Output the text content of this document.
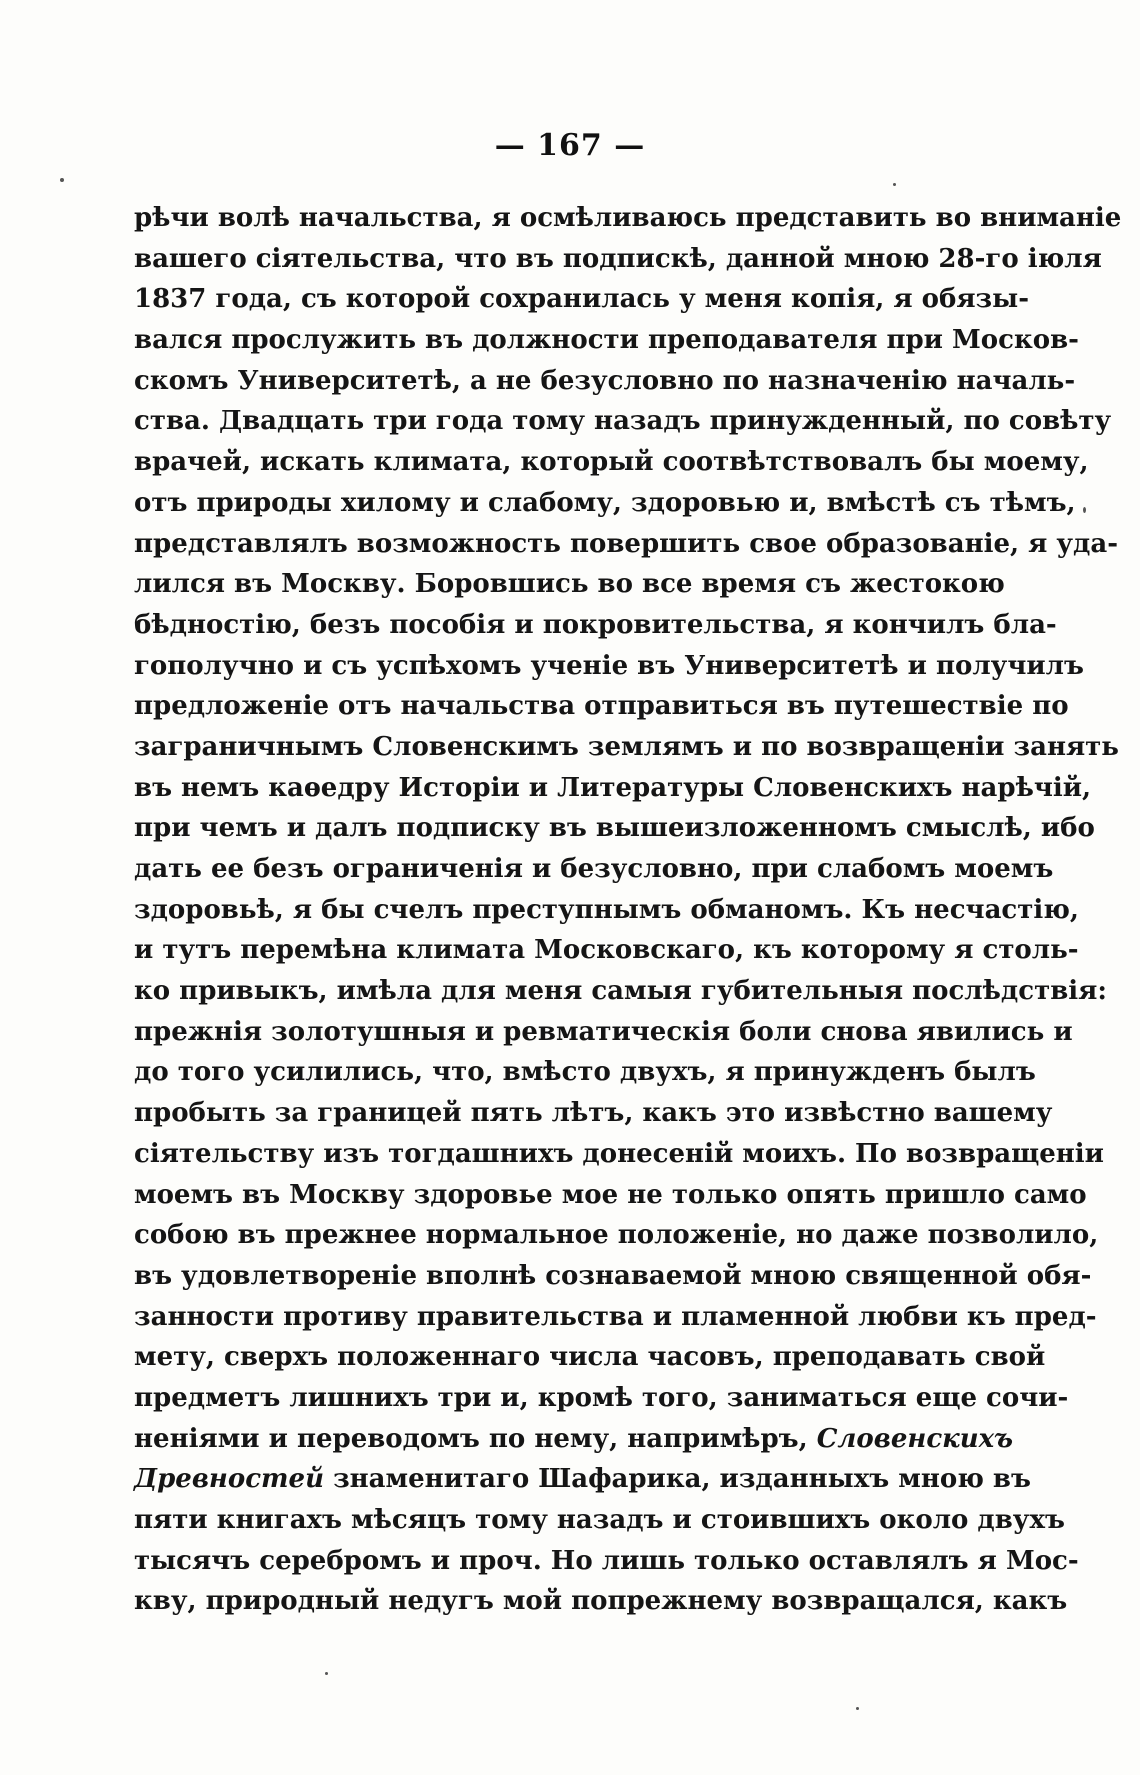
— 167 —
рѣчи волѣ начальства, я осмѣливаюсь представить во вниманіе
вашего сіятельства, что въ подпискѣ, данной мною 28-го іюля
1837 года, съ которой сохранилась у меня копія, я обязы-
вался прослужить въ должности преподавателя при Москов-
скомъ Университетѣ, а не безусловно по назначенію началь-
ства. Двадцать три года тому назадъ принужденный, по совѣту
врачей, искать климата, который соотвѣтствовалъ бы моему,
отъ природы хилому и слабому, здоровью и, вмѣстѣ съ тѣмъ,
представлялъ возможность повершить свое образованіе, я уда-
лился въ Москву. Боровшись во все время съ жестокою
бѣдностію, безъ пособія и покровительства, я кончилъ бла-
гополучно и съ успѣхомъ ученіе въ Университетѣ и получилъ
предложеніе отъ начальства отправиться въ путешествіе по
заграничнымъ Словенскимъ землямъ и по возвращеніи занять
въ немъ каѳедру Исторіи и Литературы Словенскихъ нарѣчій,
при чемъ и далъ подписку въ вышеизложенномъ смыслѣ, ибо
дать ее безъ ограниченія и безусловно, при слабомъ моемъ
здоровьѣ, я бы счелъ преступнымъ обманомъ. Къ несчастію,
и тутъ перемѣна климата Московскаго, къ которому я столь-
ко привыкъ, имѣла для меня самыя губительныя послѣдствія:
прежнія золотушныя и ревматическія боли снова явились и
до того усилились, что, вмѣсто двухъ, я принужденъ былъ
пробыть за границей пять лѣтъ, какъ это извѣстно вашему
сіятельству изъ тогдашнихъ донесеній моихъ. По возвращеніи
моемъ въ Москву здоровье мое не только опять пришло само
собою въ прежнее нормальное положеніе, но даже позволило,
въ удовлетвореніе вполнѣ сознаваемой мною священной обя-
занности противу правительства и пламенной любви къ пред-
мету, сверхъ положеннаго числа часовъ, преподавать свой
предметъ лишнихъ три и, кромѣ того, заниматься еще сочи-
неніями и переводомъ по нему, напримѣръ, Словенскихъ
Древностей знаменитаго Шафарика, изданныхъ мною въ
пяти книгахъ мѣсяцъ тому назадъ и стоившихъ около двухъ
тысячъ серебромъ и проч. Но лишь только оставлялъ я Мос-
кву, природный недугъ мой попрежнему возвращался, какъ
